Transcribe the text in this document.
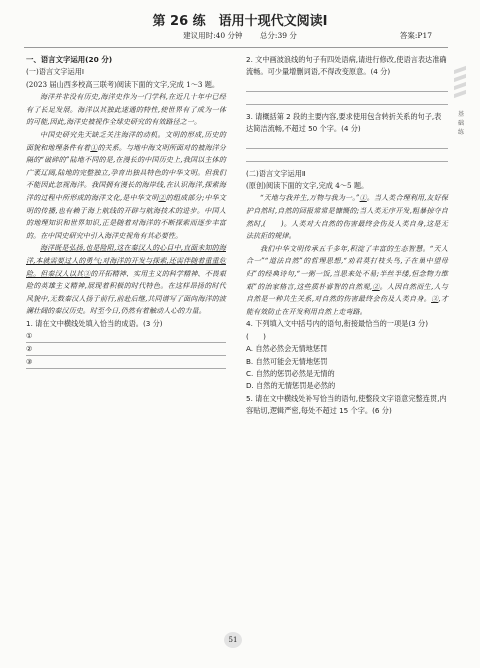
第 26 练　语用十现代文阅读Ⅰ
建议用时:40 分钟　　 总分:39 分	答案:P17
基础练

一、语言文字运用(20 分)

(一)语言文字运用Ⅰ

(2023 届山西多校高三联考)阅读下面的文字,完成 1～3 题。

海洋并非没有历史,海洋史作为一门学科,在近几十年中已经有了长足发展。海洋以其独此迷通的特性,使世界有了成为一体的可能,因此,海洋史被视作全球史研究的有效路径之一。

中国史研究先天缺乏关注海洋的动机。文明的形成,历史的面貌和地理条件有着①的关系。与地中海文明所面对的被海洋分隔的“破碎的”陆地不同的是,在漫长的中国历史上,我国以主体的广袤辽阔,陆地的完整独立,孕育出独具特色的中华文明。但我们不能因此忽视海洋。我国拥有漫长的海岸线,在认识海洋,探索海洋的过程中所形成的海洋文化,是中华文明②的组成部分;中华文明的传播,也有赖于海上航线的开辟与航海技术的进步。中国人的地理知识和世界知识,正是随着对海洋的不断探索而逐步丰富的。在中国史研究中引入海洋史视角有其必要性。

海洋既是弘扬,也是险阻,这在秦汉人的心目中,直面未知的海洋,本就需要过人的勇气;对海洋的开发与探索,还需伴随着重重危险。但秦汉人以其③的开拓精神、实用主义的科学精神、不畏艰险的英雄主义精神,展现着积极的时代特色。在这样昂扬的时代风貌中,无数秦汉人扬于前行,前赴后继,共同谱写了面向海洋的波澜壮阔的秦汉历史。时至今日,仍然有着触动人心的力量。

1. 请在文中横线处填入恰当的成语。(3 分)

①
②
③

2. 文中画波浪线的句子有四处语病,请进行修改,使语言表达准确流畅。可少量增删词语,不得改变原意。(4 分)

3. 请概括第 2 段的主要内容,要求使用包含转折关系的句子,表达简洁流畅,不超过 50 个字。(4 分)

(二)语言文字运用Ⅱ

(原创)阅读下面的文字,完成 4～5 题。

“天地与我并生,万物与我为一。”①。当人类合理利用,友好保护自然时,自然的回报常常是慷慨的;当人类无序开发,粗暴掠夺自然时,(　　 )。人类对大自然的伤害最终会伤及人类自身,这是无法抗拒的规律。

我们中华文明传承五千多年,积淀了丰富的生态智慧。“天人合一”“道法自然”的哲理思想,“劝君莫打枝头鸟,子在巢中望母归”的经典诗句,“一粥一饭,当思来处不易;半丝半缕,恒念物力维艰”的治家格言,这些质朴睿智的自然观,②。人因自然而生,人与自然是一种共生关系,对自然的伤害最终会伤及人类自身。③,才能有效防止在开发利用自然上走弯路。

4. 下列填入文中括号内的语句,衔接最恰当的一项是(3 分) (　　)

A. 自然必然会无情地惩罚

B. 自然可能会无情地惩罚

C. 自然的惩罚必然是无情的

D. 自然的无情惩罚是必然的

5. 请在文中横线处补写恰当的语句,使整段文字语意完整连贯,内容贴切,逻辑严密,每处不超过 15 个字。(6 分)

51
